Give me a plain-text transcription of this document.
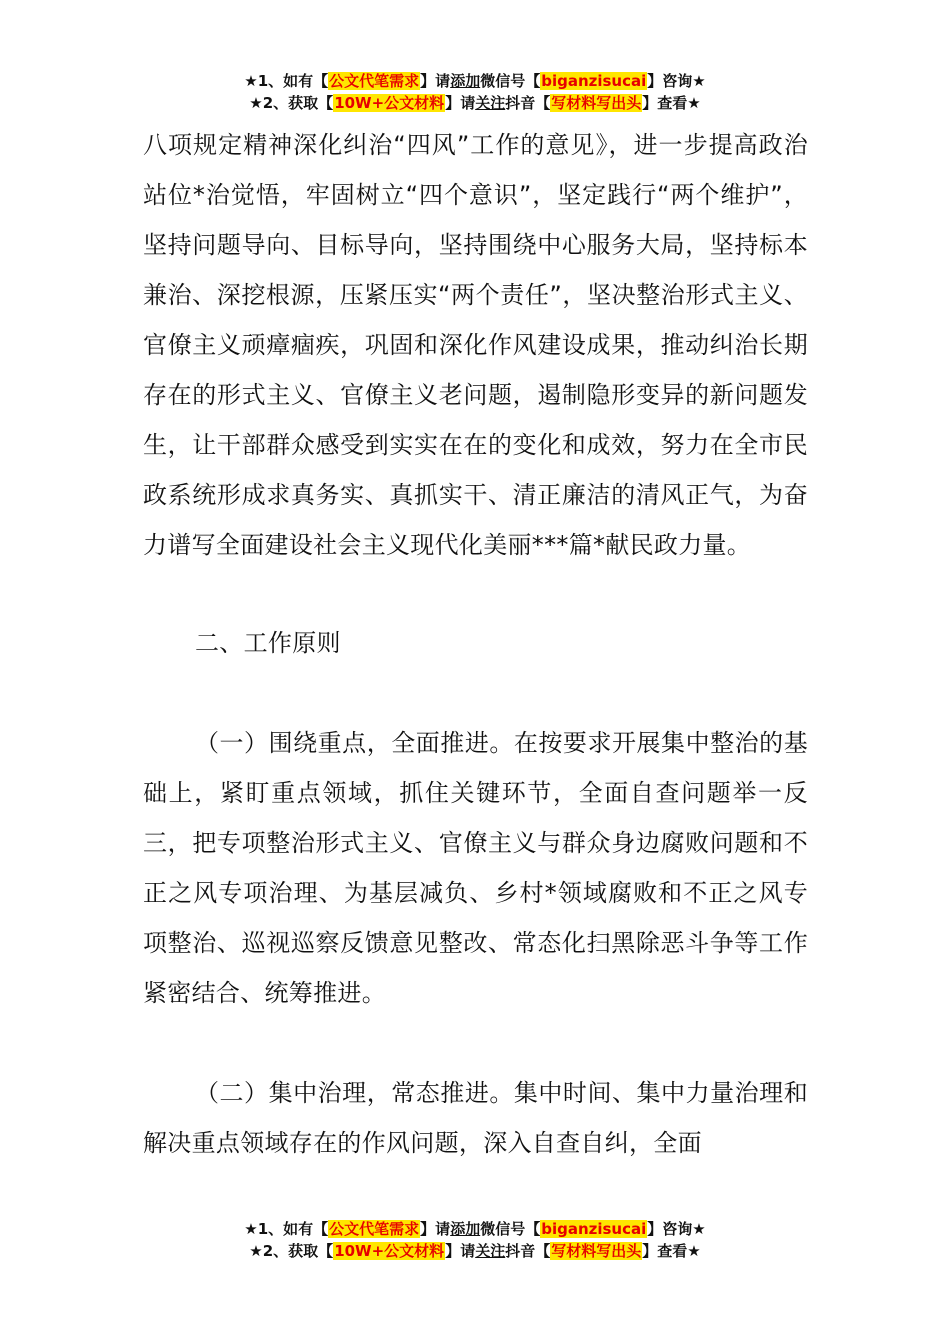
★1、如有【公文代笔需求】请添加微信号【biganzisucai】咨询★
★2、获取【10W+公文材料】请关注抖音【写材料写出头】查看★

八项规定精神深化纠治“四风”工作的意见》，进一步提高政治站位*治觉悟，牢固树立“四个意识”，坚定践行“两个维护”，坚持问题导向、目标导向，坚持围绕中心服务大局，坚持标本兼治、深挖根源，压紧压实“两个责任”，坚决整治形式主义、官僚主义顽瘴痼疾，巩固和深化作风建设成果，推动纠治长期存在的形式主义、官僚主义老问题，遏制隐形变异的新问题发生，让干部群众感受到实实在在的变化和成效，努力在全市民政系统形成求真务实、真抓实干、清正廉洁的清风正气，为奋力谱写全面建设社会主义现代化美丽***篇*献民政力量。

二、工作原则

（一）围绕重点，全面推进。在按要求开展集中整治的基础上，紧盯重点领域，抓住关键环节，全面自查问题举一反三，把专项整治形式主义、官僚主义与群众身边腐败问题和不正之风专项治理、为基层减负、乡村*领域腐败和不正之风专项整治、巡视巡察反馈意见整改、常态化扫黑除恶斗争等工作紧密结合、统筹推进。

（二）集中治理，常态推进。集中时间、集中力量治理和解决重点领域存在的作风问题，深入自查自纠，全面

★1、如有【公文代笔需求】请添加微信号【biganzisucai】咨询★
★2、获取【10W+公文材料】请关注抖音【写材料写出头】查看★
